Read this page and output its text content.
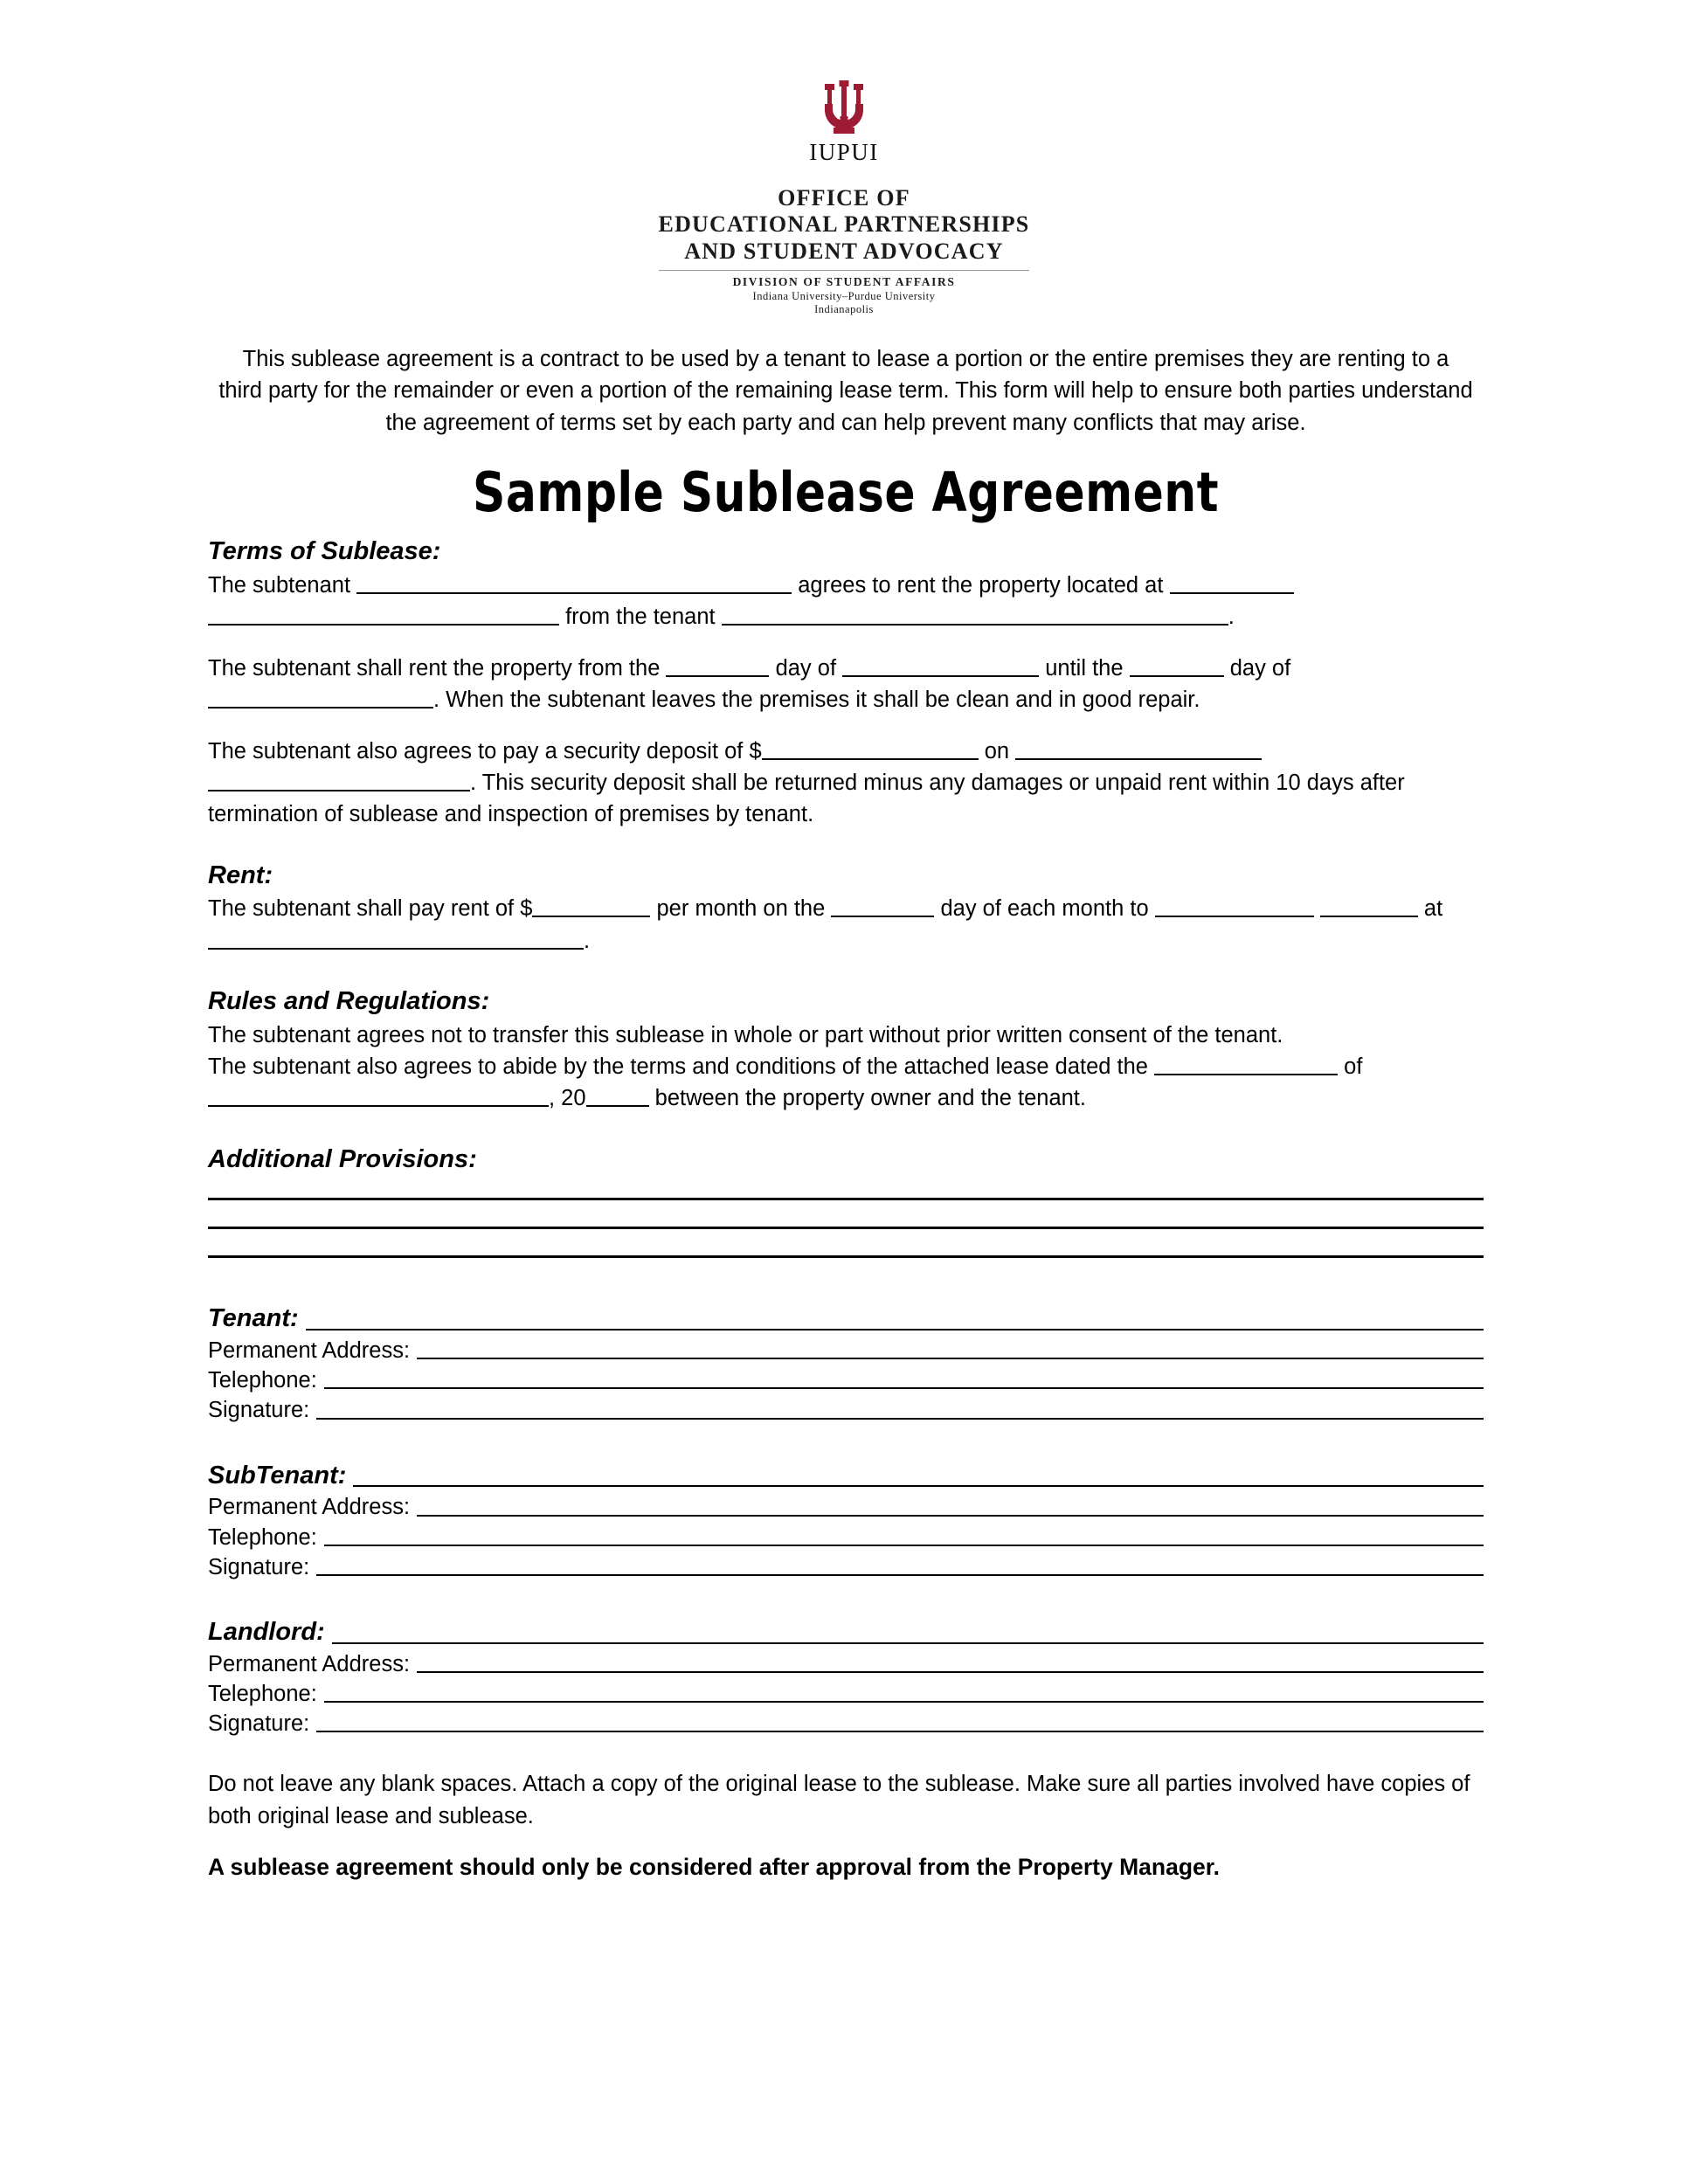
IUPUI
OFFICE OF
EDUCATIONAL PARTNERSHIPS
AND STUDENT ADVOCACY
DIVISION OF STUDENT AFFAIRS
Indiana University–Purdue University
Indianapolis

This sublease agreement is a contract to be used by a tenant to lease a portion or the entire premises they are renting to a third party for the remainder or even a portion of the remaining lease term. This form will help to ensure both parties understand the agreement of terms set by each party and can help prevent many conflicts that may arise.

Sample Sublease Agreement
Terms of Sublease:

The subtenant	agrees to rent the property located at   from the tenant	.

The subtenant shall rent the property from the	day of	until the	day of . When the subtenant leaves the premises it shall be clean and in good repair.

The subtenant also agrees to pay a security deposit of $	on  . This security deposit shall be returned minus any damages or unpaid rent within 10 days after termination of sublease and inspection of premises by tenant.

Rent:

The subtenant shall pay rent of $	per month on the	day of each month to	at .

Rules and Regulations:

The subtenant agrees not to transfer this sublease in whole or part without prior written consent of the tenant.

The subtenant also agrees to abide by the terms and conditions of the attached lease dated the	of , 20	between the property owner and the tenant.

Additional Provisions:
Tenant:
Permanent Address:
Telephone:
Signature:
SubTenant:
Permanent Address:
Telephone:
Signature:
Landlord:
Permanent Address:
Telephone:
Signature:

Do not leave any blank spaces. Attach a copy of the original lease to the sublease. Make sure all parties involved have copies of both original lease and sublease.

A sublease agreement should only be considered after approval from the Property Manager.
